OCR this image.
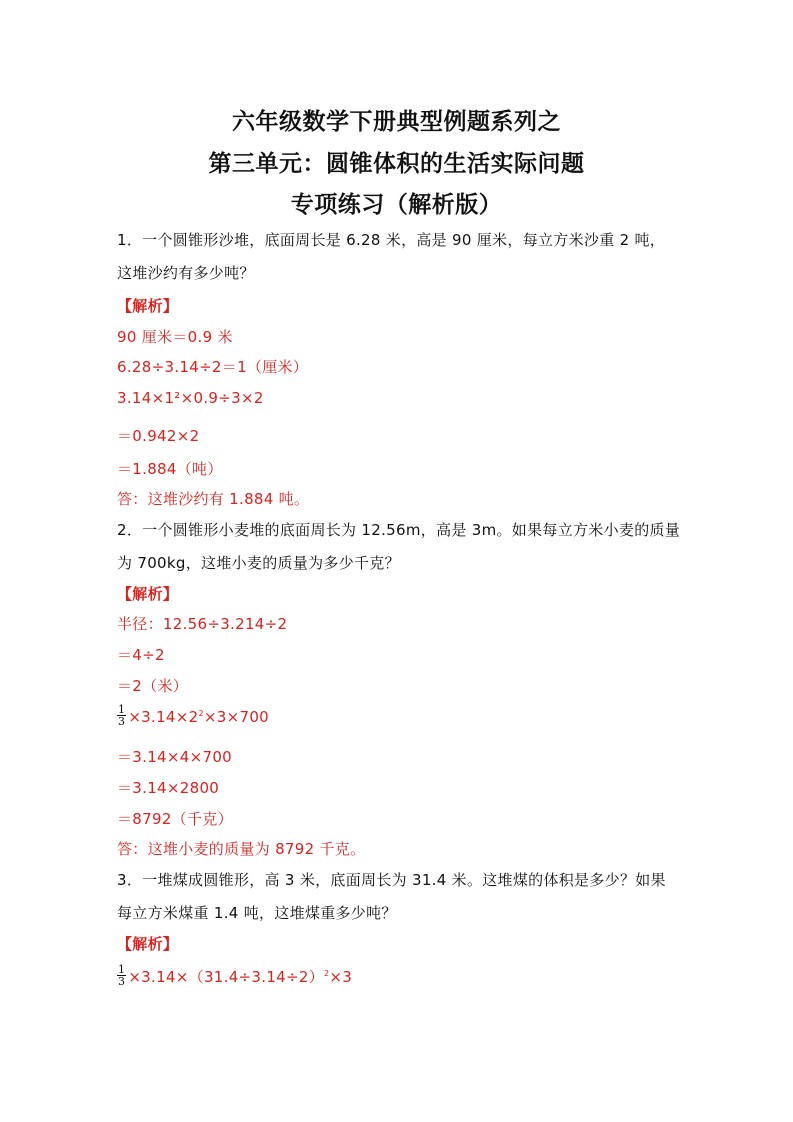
六年级数学下册典型例题系列之
第三单元：圆锥体积的生活实际问题
专项练习（解析版）
1．一个圆锥形沙堆，底面周长是 6.28 米，高是 90 厘米，每立方米沙重 2 吨，
这堆沙约有多少吨？
【解析】
90 厘米＝0.9 米
6.28÷3.14÷2＝1（厘米）
3.14×1²×0.9÷3×2
＝0.942×2
＝1.884（吨）
答：这堆沙约有 1.884 吨。
2．一个圆锥形小麦堆的底面周长为 12.56m，高是 3m。如果每立方米小麦的质量
为 700kg，这堆小麦的质量为多少千克？
【解析】
半径：12.56÷3.214÷2
＝4÷2
＝2（米）
$\frac{1}{3} \times 3.14\times 2^2\times 3\times 700$
＝3.14×4×700
＝3.14×2800
＝8792（千克）
答：这堆小麦的质量为 8792 千克。
3．一堆煤成圆锥形，高 3 米，底面周长为 31.4 米。这堆煤的体积是多少？如果
每立方米煤重 1.4 吨，这堆煤重多少吨？
【解析】
$\frac{1}{3} \times 3.14\times(31.4\div 3.14\div 2)^2\times 3$
